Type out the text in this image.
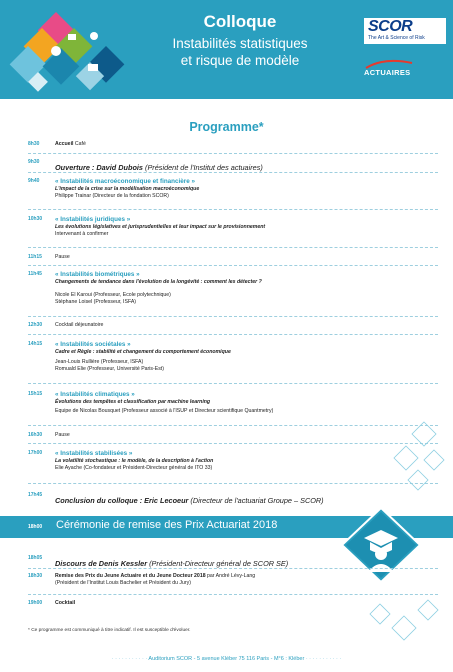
Colloque
Instabilités statistiques
et risque de modèle
SCOR
The Art & Science of Risk
ACTUAIRES
Programme*
8h30	Accueil Café
9h30
Ouverture : David Dubois (Président de l'Institut des actuaires)
9h40	« Instabilités macroéconomique et financière »
L'impact de la crise sur la modélisation macroéconomique
Philippe Trainar (Directeur de la fondation SCOR)
10h30	« Instabilités juridiques »
Les évolutions législatives et jurisprudentielles et leur impact sur le provisionnement
Intervenant à confirmer
11h15	Pause
11h45	« Instabilités biométriques »
Changements de tendance dans l'évolution de la longévité : comment les détecter ?
Nicole El Karoui (Professeur, Ecole polytechnique)
Stéphane Loisel (Professeur, ISFA)
12h30	Cocktail déjeunatoire
14h15	« Instabilités sociétales »
Cadre et Règle : stabilité et changement du comportement économique
Jean-Louis Rullière (Professeur, ISFA)
Romuald Elie (Professeur, Université Paris-Est)
15h15	« Instabilités climatiques »
Évolutions des tempêtes et classification par machine learning
Equipe de Nicolas Bousquet (Professeur associé à l'ISUP et Directeur scientifique Quantmetry)
16h30	Pause
17h00	« Instabilités stabilisées »
La volatilité stochastique : le modèle, de la description à l'action
Elie Ayache (Co-fondateur et Président-Directeur général de ITO 33)
17h45
Conclusion du colloque : Eric Lecoeur (Directeur de l'actuariat Groupe – SCOR)
18h00 Cérémonie de remise des Prix Actuariat 2018
18h05
Discours de Denis Kessler (Président-Directeur général de SCOR SE)
18h30	Remise des Prix du Jeune Actuaire et du Jeune Docteur 2018 par André Lévy-Lang
(Président de l'Institut Louis Bachelier et Président du Jury)
19h00	Cocktail
* Ce programme est communiqué à titre indicatif. Il est susceptible d'évoluer.
· · · · · · · · · · · Auditorium SCOR - 5 avenue Kléber 75 116 Paris - M°6 : Kléber · · · · · · · · · · ·
